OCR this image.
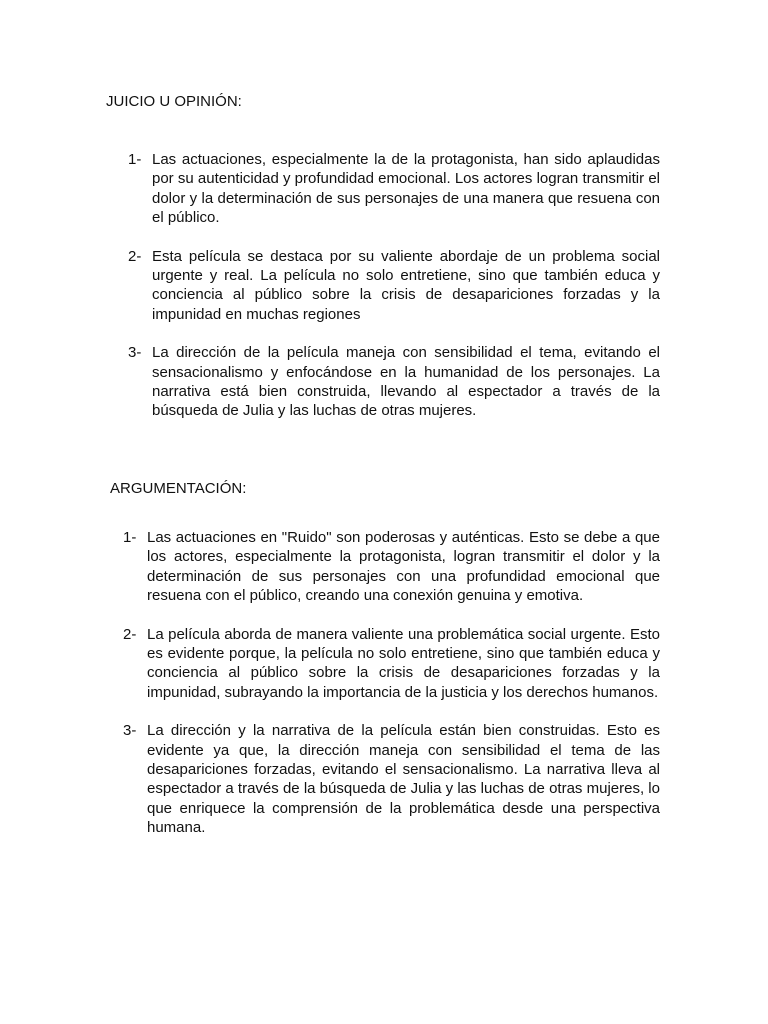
JUICIO U OPINIÓN:
1- Las actuaciones, especialmente la de la protagonista, han sido aplaudidas por su autenticidad y profundidad emocional. Los actores logran transmitir el dolor y la determinación de sus personajes de una manera que resuena con el público.
2- Esta película se destaca por su valiente abordaje de un problema social urgente y real. La película no solo entretiene, sino que también educa y conciencia al público sobre la crisis de desapariciones forzadas y la impunidad en muchas regiones
3- La dirección de la película maneja con sensibilidad el tema, evitando el sensacionalismo y enfocándose en la humanidad de los personajes. La narrativa está bien construida, llevando al espectador a través de la búsqueda de Julia y las luchas de otras mujeres.
ARGUMENTACIÓN:
1- Las actuaciones en "Ruido" son poderosas y auténticas. Esto se debe a que los actores, especialmente la protagonista, logran transmitir el dolor y la determinación de sus personajes con una profundidad emocional que resuena con el público, creando una conexión genuina y emotiva.
2- La película aborda de manera valiente una problemática social urgente. Esto es evidente porque, la película no solo entretiene, sino que también educa y conciencia al público sobre la crisis de desapariciones forzadas y la impunidad, subrayando la importancia de la justicia y los derechos humanos.
3- La dirección y la narrativa de la película están bien construidas. Esto es evidente ya que, la dirección maneja con sensibilidad el tema de las desapariciones forzadas, evitando el sensacionalismo. La narrativa lleva al espectador a través de la búsqueda de Julia y las luchas de otras mujeres, lo que enriquece la comprensión de la problemática desde una perspectiva humana.
